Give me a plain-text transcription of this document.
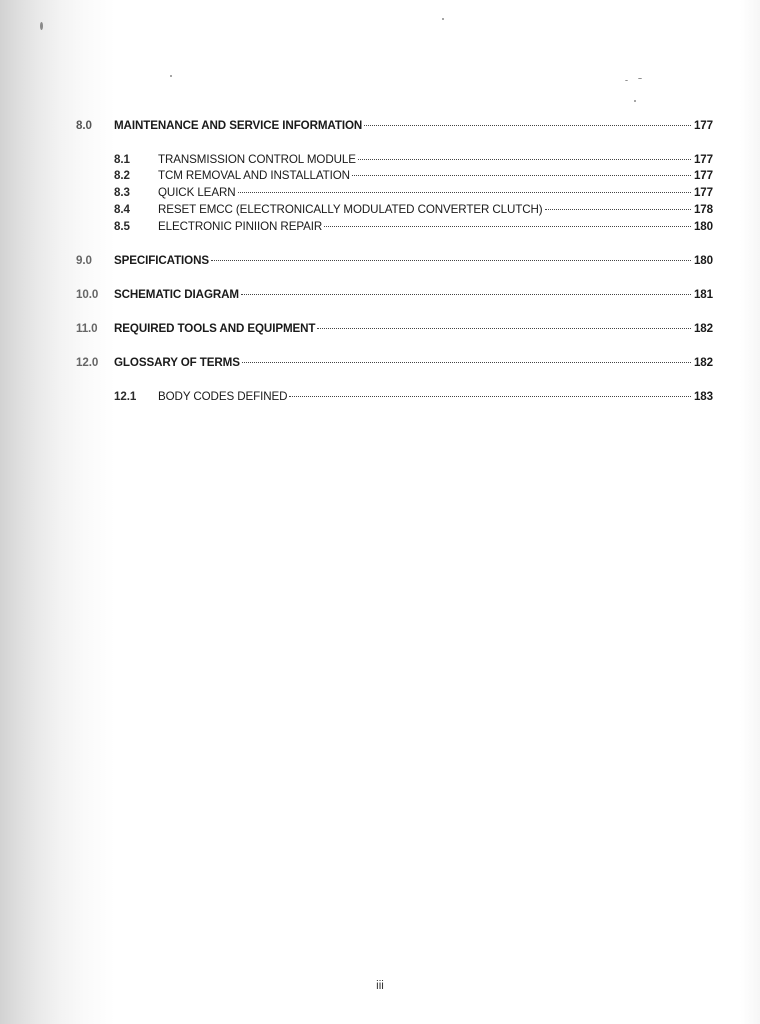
8.0 MAINTENANCE AND SERVICE INFORMATION	177
8.1 TRANSMISSION CONTROL MODULE	177
8.2 TCM REMOVAL AND INSTALLATION	177
8.3 QUICK LEARN	177
8.4 RESET EMCC (ELECTRONICALLY MODULATED CONVERTER CLUTCH)	178
8.5 ELECTRONIC PINIION REPAIR	180
9.0 SPECIFICATIONS	180
10.0 SCHEMATIC DIAGRAM	181
11.0 REQUIRED TOOLS AND EQUIPMENT	182
12.0 GLOSSARY OF TERMS	182
12.1 BODY CODES DEFINED	183
iii
